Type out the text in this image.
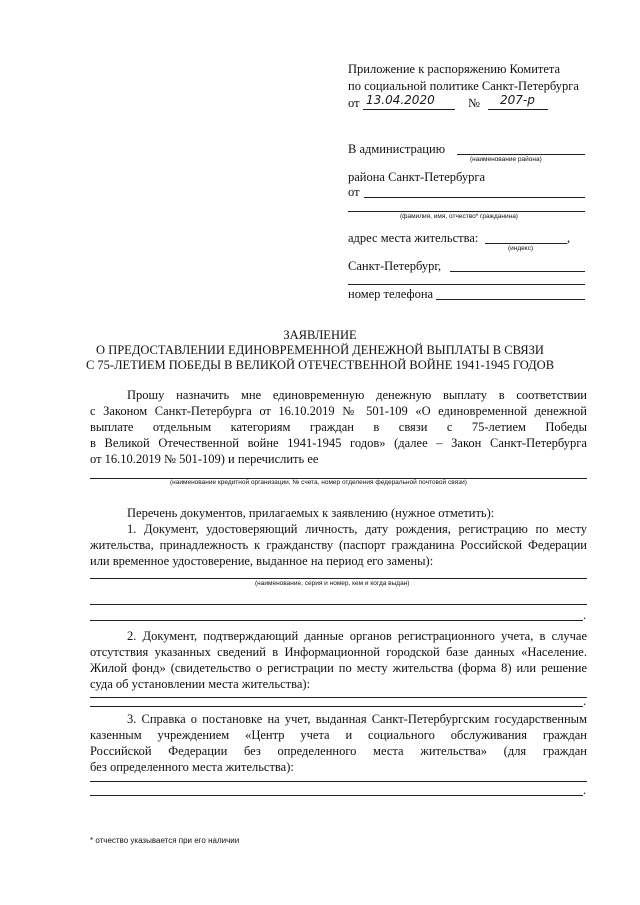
Приложение к распоряжению Комитета
по социальной политике Санкт-Петербурга
от 13.04.2020	№ 207-р
В администрацию
(наименование района)
района Санкт-Петербурга
от
(фамилия, имя, отчество* гражданина)
адрес места жительства:	,
(индекс)
Санкт-Петербург,
номер телефона
ЗАЯВЛЕНИЕ
О ПРЕДОСТАВЛЕНИИ ЕДИНОВРЕМЕННОЙ ДЕНЕЖНОЙ ВЫПЛАТЫ В СВЯЗИ
С 75-ЛЕТИЕМ ПОБЕДЫ В ВЕЛИКОЙ ОТЕЧЕСТВЕННОЙ ВОЙНЕ 1941-1945 ГОДОВ
Прошу назначить мне единовременную денежную выплату в соответствии
с Законом Санкт-Петербурга от 16.10.2019 № 501-109 «О единовременной денежной
выплате отдельным категориям граждан в связи с 75-летием Победы
в Великой Отечественной войне 1941-1945 годов» (далее – Закон Санкт-Петербурга
от 16.10.2019 № 501-109) и перечислить ее
(наименование кредитной организации, № счета, номер отделения федеральной почтовой связи)
Перечень документов, прилагаемых к заявлению (нужное отметить):
1. Документ, удостоверяющий личность, дату рождения, регистрацию по месту
жительства, принадлежность к гражданству (паспорт гражданина Российской Федерации
или временное удостоверение, выданное на период его замены):
(наименование, серия и номер, кем и когда выдан)
.
2. Документ, подтверждающий данные органов регистрационного учета, в случае
отсутствия указанных сведений в Информационной городской базе данных «Население.
Жилой фонд» (свидетельство о регистрации по месту жительства (форма 8) или решение
суда об установлении места жительства):
.
3. Справка о постановке на учет, выданная Санкт-Петербургским государственным
казенным учреждением «Центр учета и социального обслуживания граждан
Российской Федерации без определенного места жительства» (для граждан
без определенного места жительства):
.
* отчество указывается при его наличии
